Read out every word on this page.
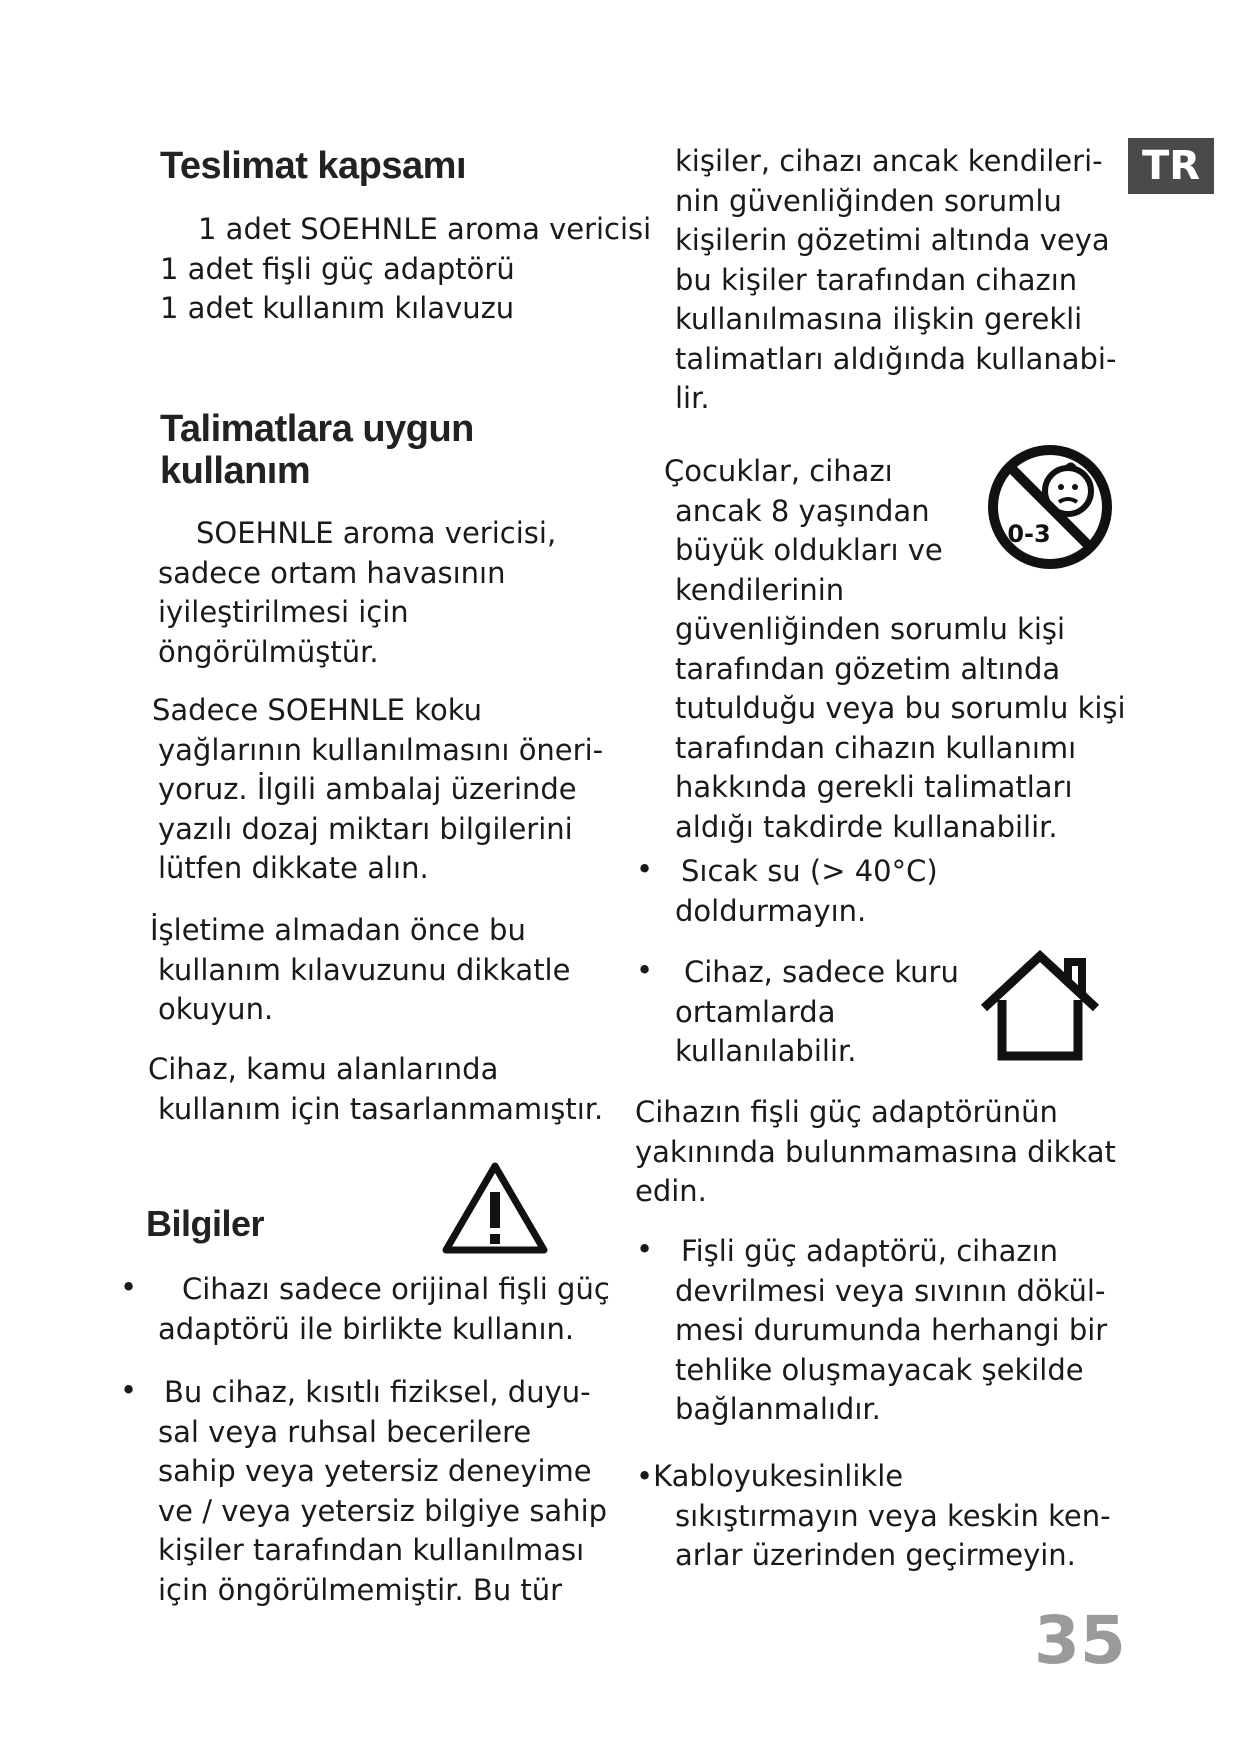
TR
35
Teslimat kapsamı
1 adet SOEHNLE aroma vericisi
1 adet fişli güç adaptörü
1 adet kullanım kılavuzu
Talimatlara uygun
kullanım
SOEHNLE aroma vericisi,
sadece ortam havasının
iyileştirilmesi için
öngörülmüştür.
Sadece SOEHNLE koku
yağlarının kullanılmasını öneri-
yoruz. İlgili ambalaj üzerinde
yazılı dozaj miktarı bilgilerini
lütfen dikkate alın.
İşletime almadan önce bu
kullanım kılavuzunu dikkatle
okuyun.
Cihaz, kamu alanlarında
kullanım için tasarlanmamıştır.
Bilgiler
•	Cihazı sadece orijinal fişli güç
adaptörü ile birlikte kullanın.
• Bu cihaz, kısıtlı fiziksel, duyu-
sal veya ruhsal becerilere
sahip veya yetersiz deneyime
ve / veya yetersiz bilgiye sahip
kişiler tarafından kullanılması
için öngörülmemiştir. Bu tür
kişiler, cihazı ancak kendileri-
nin güvenliğinden sorumlu
kişilerin gözetimi altında veya
bu kişiler tarafından cihazın
kullanılmasına ilişkin gerekli
talimatları aldığında kullanabi-
lir.
Çocuklar, cihazı
ancak 8 yaşından
büyük oldukları ve
kendilerinin
güvenliğinden sorumlu kişi
tarafından gözetim altında
tutulduğu veya bu sorumlu kişi
tarafından cihazın kullanımı
hakkında gerekli talimatları
aldığı takdirde kullanabilir.
0-3
• Sıcak su (> 40°C)
doldurmayın.
•	Cihaz, sadece kuru
ortamlarda
kullanılabilir.
Cihazın fişli güç adaptörünün
yakınında bulunmamasına dikkat
edin.
• Fişli güç adaptörü, cihazın
devrilmesi veya sıvının dökül-
mesi durumunda herhangi bir
tehlike oluşmayacak şekilde
bağlanmalıdır.
•Kabloyukesinlikle
sıkıştırmayın veya keskin ken-
arlar üzerinden geçirmeyin.
